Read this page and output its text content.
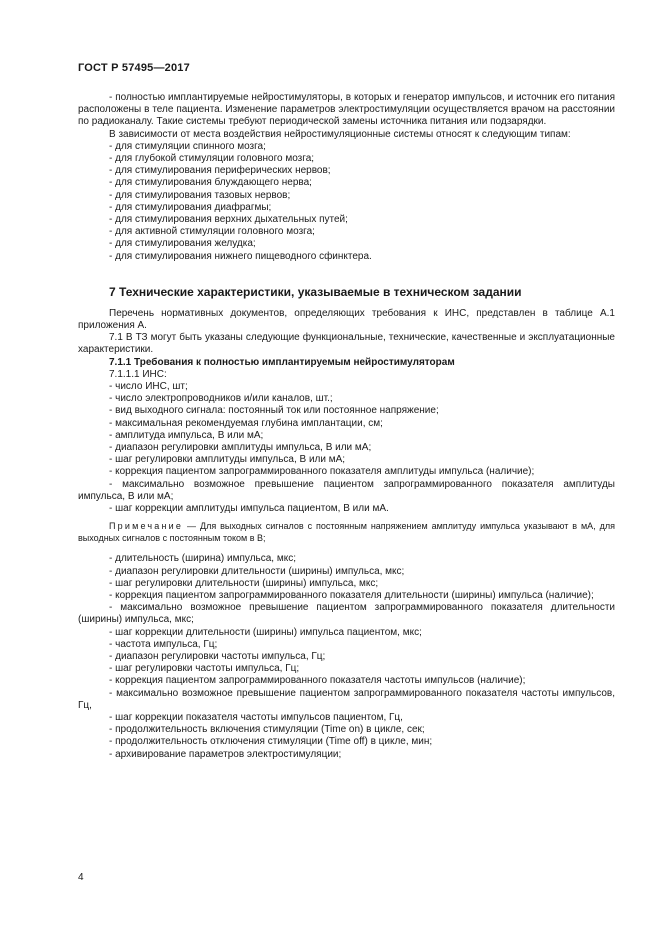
ГОСТ Р 57495—2017

- полностью имплантируемые нейростимуляторы, в которых и генератор импульсов, и источник его питания расположены в теле пациента. Изменение параметров электростимуляции осуществляется врачом на расстоянии по радиоканалу. Такие системы требуют периодической замены источника питания или подзарядки.

В зависимости от места воздействия нейростимуляционные системы относят к следующим типам:

- для стимуляции спинного мозга;

- для глубокой стимуляции головного мозга;

- для стимулирования периферических нервов;

- для стимулирования блуждающего нерва;

- для стимулирования тазовых нервов;

- для стимулирования диафрагмы;

- для стимулирования верхних дыхательных путей;

- для активной стимуляции головного мозга;

- для стимулирования желудка;

- для стимулирования нижнего пищеводного сфинктера.

7 Технические характеристики, указываемые в техническом задании

Перечень нормативных документов, определяющих требования к ИНС, представлен в таблице А.1 приложения А.

7.1 В ТЗ могут быть указаны следующие функциональные, технические, качественные и эксплуатационные характеристики.

7.1.1 Требования к полностью имплантируемым нейростимуляторам

7.1.1.1 ИНС:

- число ИНС, шт;

- число электропроводников и/или каналов, шт.;

- вид выходного сигнала: постоянный ток или постоянное напряжение;

- максимальная рекомендуемая глубина имплантации, см;

- амплитуда импульса, В или мА;

- диапазон регулировки амплитуды импульса, В или мА;

- шаг регулировки амплитуды импульса, В или мА;

- коррекция пациентом запрограммированного показателя амплитуды импульса (наличие);

- максимально возможное превышение пациентом запрограммированного показателя амплитуды импульса, В или мА;

- шаг коррекции амплитуды импульса пациентом, В или мА.

Примечание — Для выходных сигналов с постоянным напряжением амплитуду импульса указывают в мА, для выходных сигналов с постоянным током в В;

- длительность (ширина) импульса, мкс;

- диапазон регулировки длительности (ширины) импульса, мкс;

- шаг регулировки длительности (ширины) импульса, мкс;

- коррекция пациентом запрограммированного показателя длительности (ширины) импульса (наличие);

- максимально возможное превышение пациентом запрограммированного показателя длительности (ширины) импульса, мкс;

- шаг коррекции длительности (ширины) импульса пациентом, мкс;

- частота импульса, Гц;

- диапазон регулировки частоты импульса, Гц;

- шаг регулировки частоты импульса, Гц;

- коррекция пациентом запрограммированного показателя частоты импульсов (наличие);

- максимально возможное превышение пациентом запрограммированного показателя частоты импульсов, Гц,

- шаг коррекции показателя частоты импульсов пациентом, Гц,

- продолжительность включения стимуляции (Time on) в цикле, сек;

- продолжительность отключения стимуляции (Time off) в цикле, мин;

- архивирование параметров электростимуляции;

4
